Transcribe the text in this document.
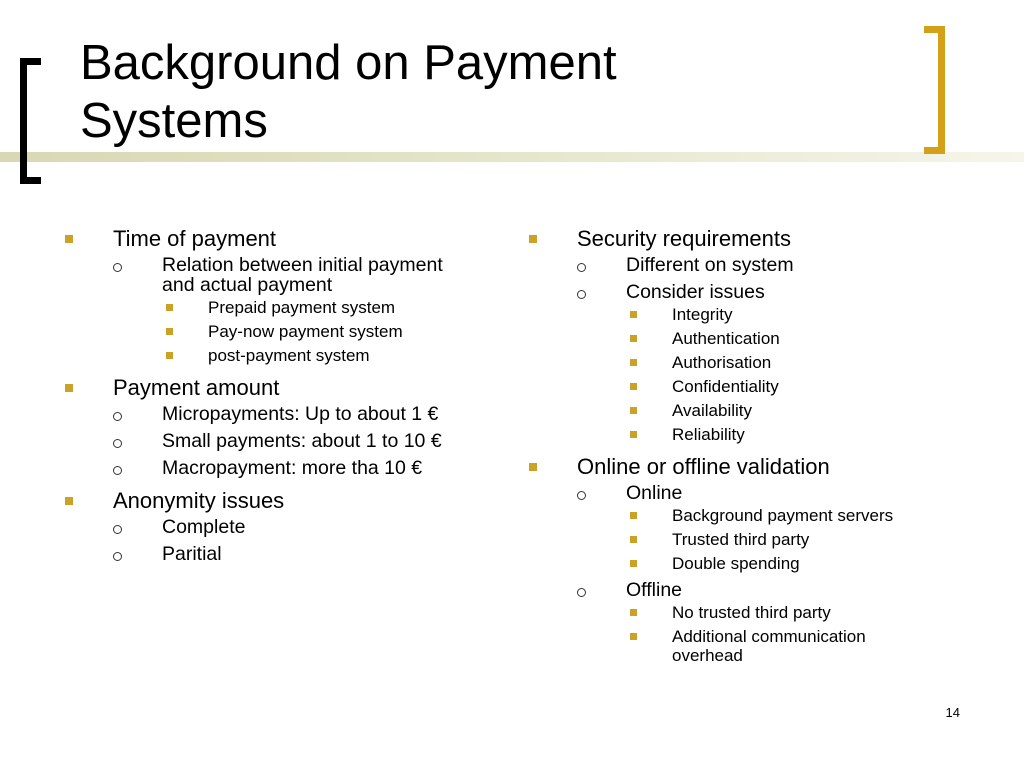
Background on Payment
Systems
Time of payment
Relation between initial payment and actual payment
Prepaid payment system
Pay-now payment system
post-payment system
Payment amount
Micropayments: Up to about 1 €
Small payments: about 1 to 10 €
Macropayment: more tha 10 €
Anonymity issues
Complete
Paritial
Security requirements
Different on system
Consider issues
Integrity
Authentication
Authorisation
Confidentiality
Availability
Reliability
Online or offline validation
Online
Background payment servers
Trusted third party
Double spending
Offline
No trusted third party
Additional communication overhead
14
